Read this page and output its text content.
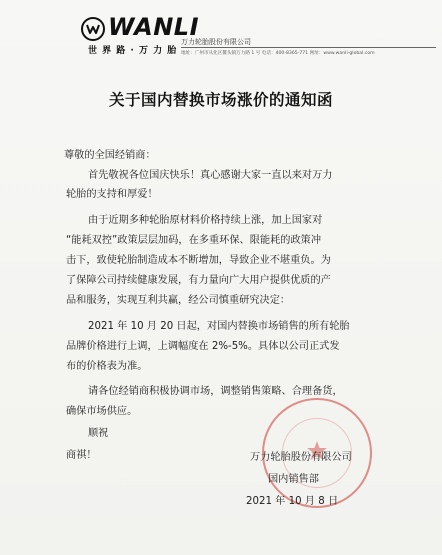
WANLI
世 界 路 · 万 力 胎
万力轮胎股份有限公司
地址：广州市从化区鳌头镇万力路 1 号 电话：400-8365-771 网址：www.wanli-global.com
关于国内替换市场涨价的通知函
尊敬的全国经销商：
首先敬祝各位国庆快乐！真心感谢大家一直以来对万力
轮胎的支持和厚爱！
由于近期多种轮胎原材料价格持续上涨，加上国家对
“能耗双控”政策层层加码，在多重环保、限能耗的政策冲
击下，致使轮胎制造成本不断增加，导致企业不堪重负。为
了保障公司持续健康发展，有力量向广大用户提供优质的产
品和服务，实现互利共赢，经公司慎重研究决定：
2021 年 10 月 20 日起，对国内替换市场销售的所有轮胎
品牌价格进行上调，上调幅度在 2%-5%。具体以公司正式发
布的价格表为准。
请各位经销商积极协调市场，调整销售策略、合理备货，
确保市场供应。
顺祝
商祺！	万力轮胎股份有限公司
国内销售部
2021 年 10 月 8 日
